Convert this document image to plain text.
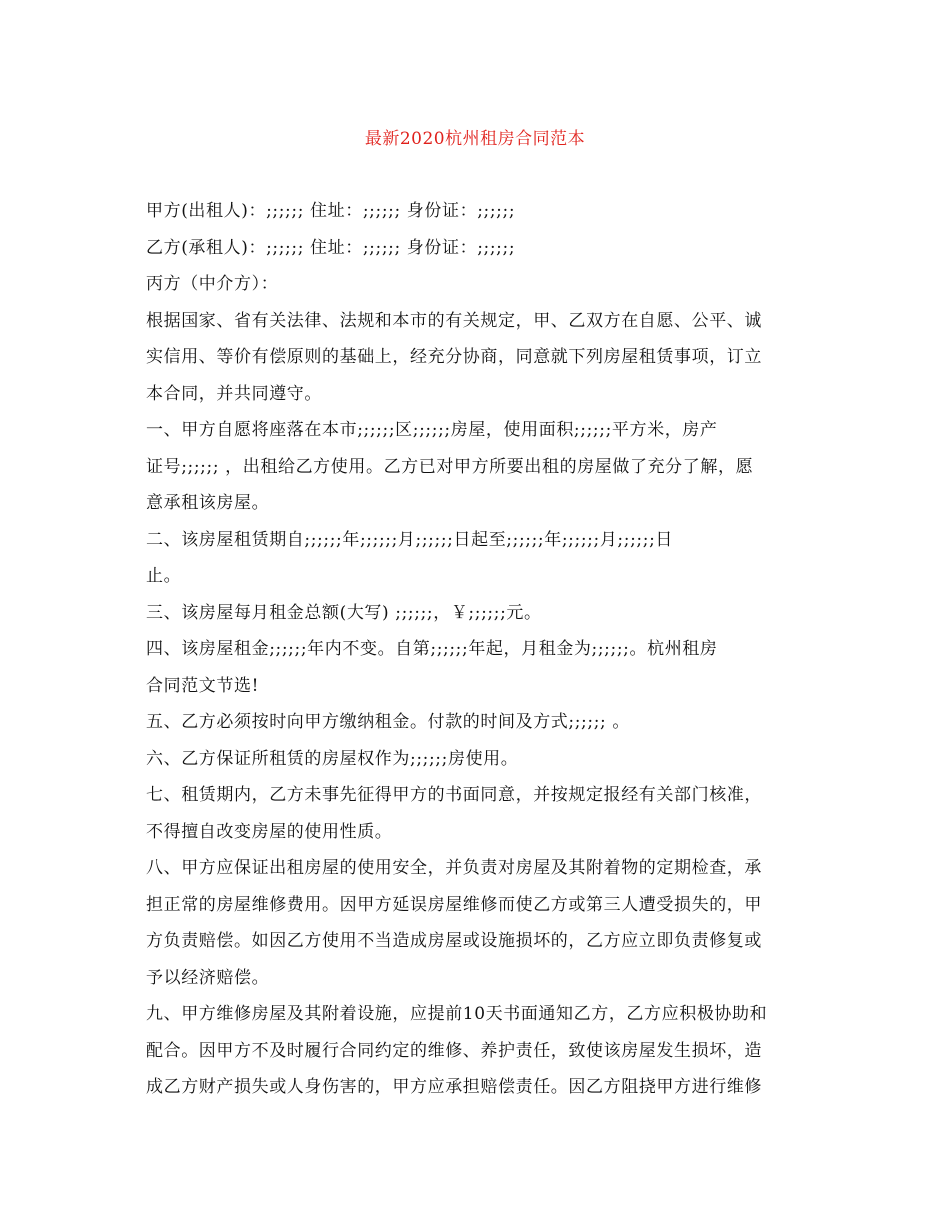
最新2020杭州租房合同范本
甲方(出租人)：;;;;;; 住址：;;;;;; 身份证：;;;;;;
乙方(承租人)：;;;;;; 住址：;;;;;; 身份证：;;;;;;
丙方（中介方）：
根据国家、省有关法律、法规和本市的有关规定，甲、乙双方在自愿、公平、诚
实信用、等价有偿原则的基础上，经充分协商，同意就下列房屋租赁事项，订立
本合同，并共同遵守。
一、甲方自愿将座落在本市;;;;;;区;;;;;;房屋，使用面积;;;;;;平方米，房产
证号;;;;;; ，出租给乙方使用。乙方已对甲方所要出租的房屋做了充分了解，愿
意承租该房屋。
二、该房屋租赁期自;;;;;;年;;;;;;月;;;;;;日起至;;;;;;年;;;;;;月;;;;;;日
止。
三、该房屋每月租金总额(大写) ;;;;;;，￥;;;;;;元。
四、该房屋租金;;;;;;年内不变。自第;;;;;;年起，月租金为;;;;;;。杭州租房
合同范文节选!
五、乙方必须按时向甲方缴纳租金。付款的时间及方式;;;;;; 。
六、乙方保证所租赁的房屋权作为;;;;;;房使用。
七、租赁期内，乙方未事先征得甲方的书面同意，并按规定报经有关部门核准，
不得擅自改变房屋的使用性质。
八、甲方应保证出租房屋的使用安全，并负责对房屋及其附着物的定期检查，承
担正常的房屋维修费用。因甲方延误房屋维修而使乙方或第三人遭受损失的，甲
方负责赔偿。如因乙方使用不当造成房屋或设施损坏的，乙方应立即负责修复或
予以经济赔偿。
九、甲方维修房屋及其附着设施，应提前10天书面通知乙方，乙方应积极协助和
配合。因甲方不及时履行合同约定的维修、养护责任，致使该房屋发生损坏，造
成乙方财产损失或人身伤害的，甲方应承担赔偿责任。因乙方阻挠甲方进行维修
